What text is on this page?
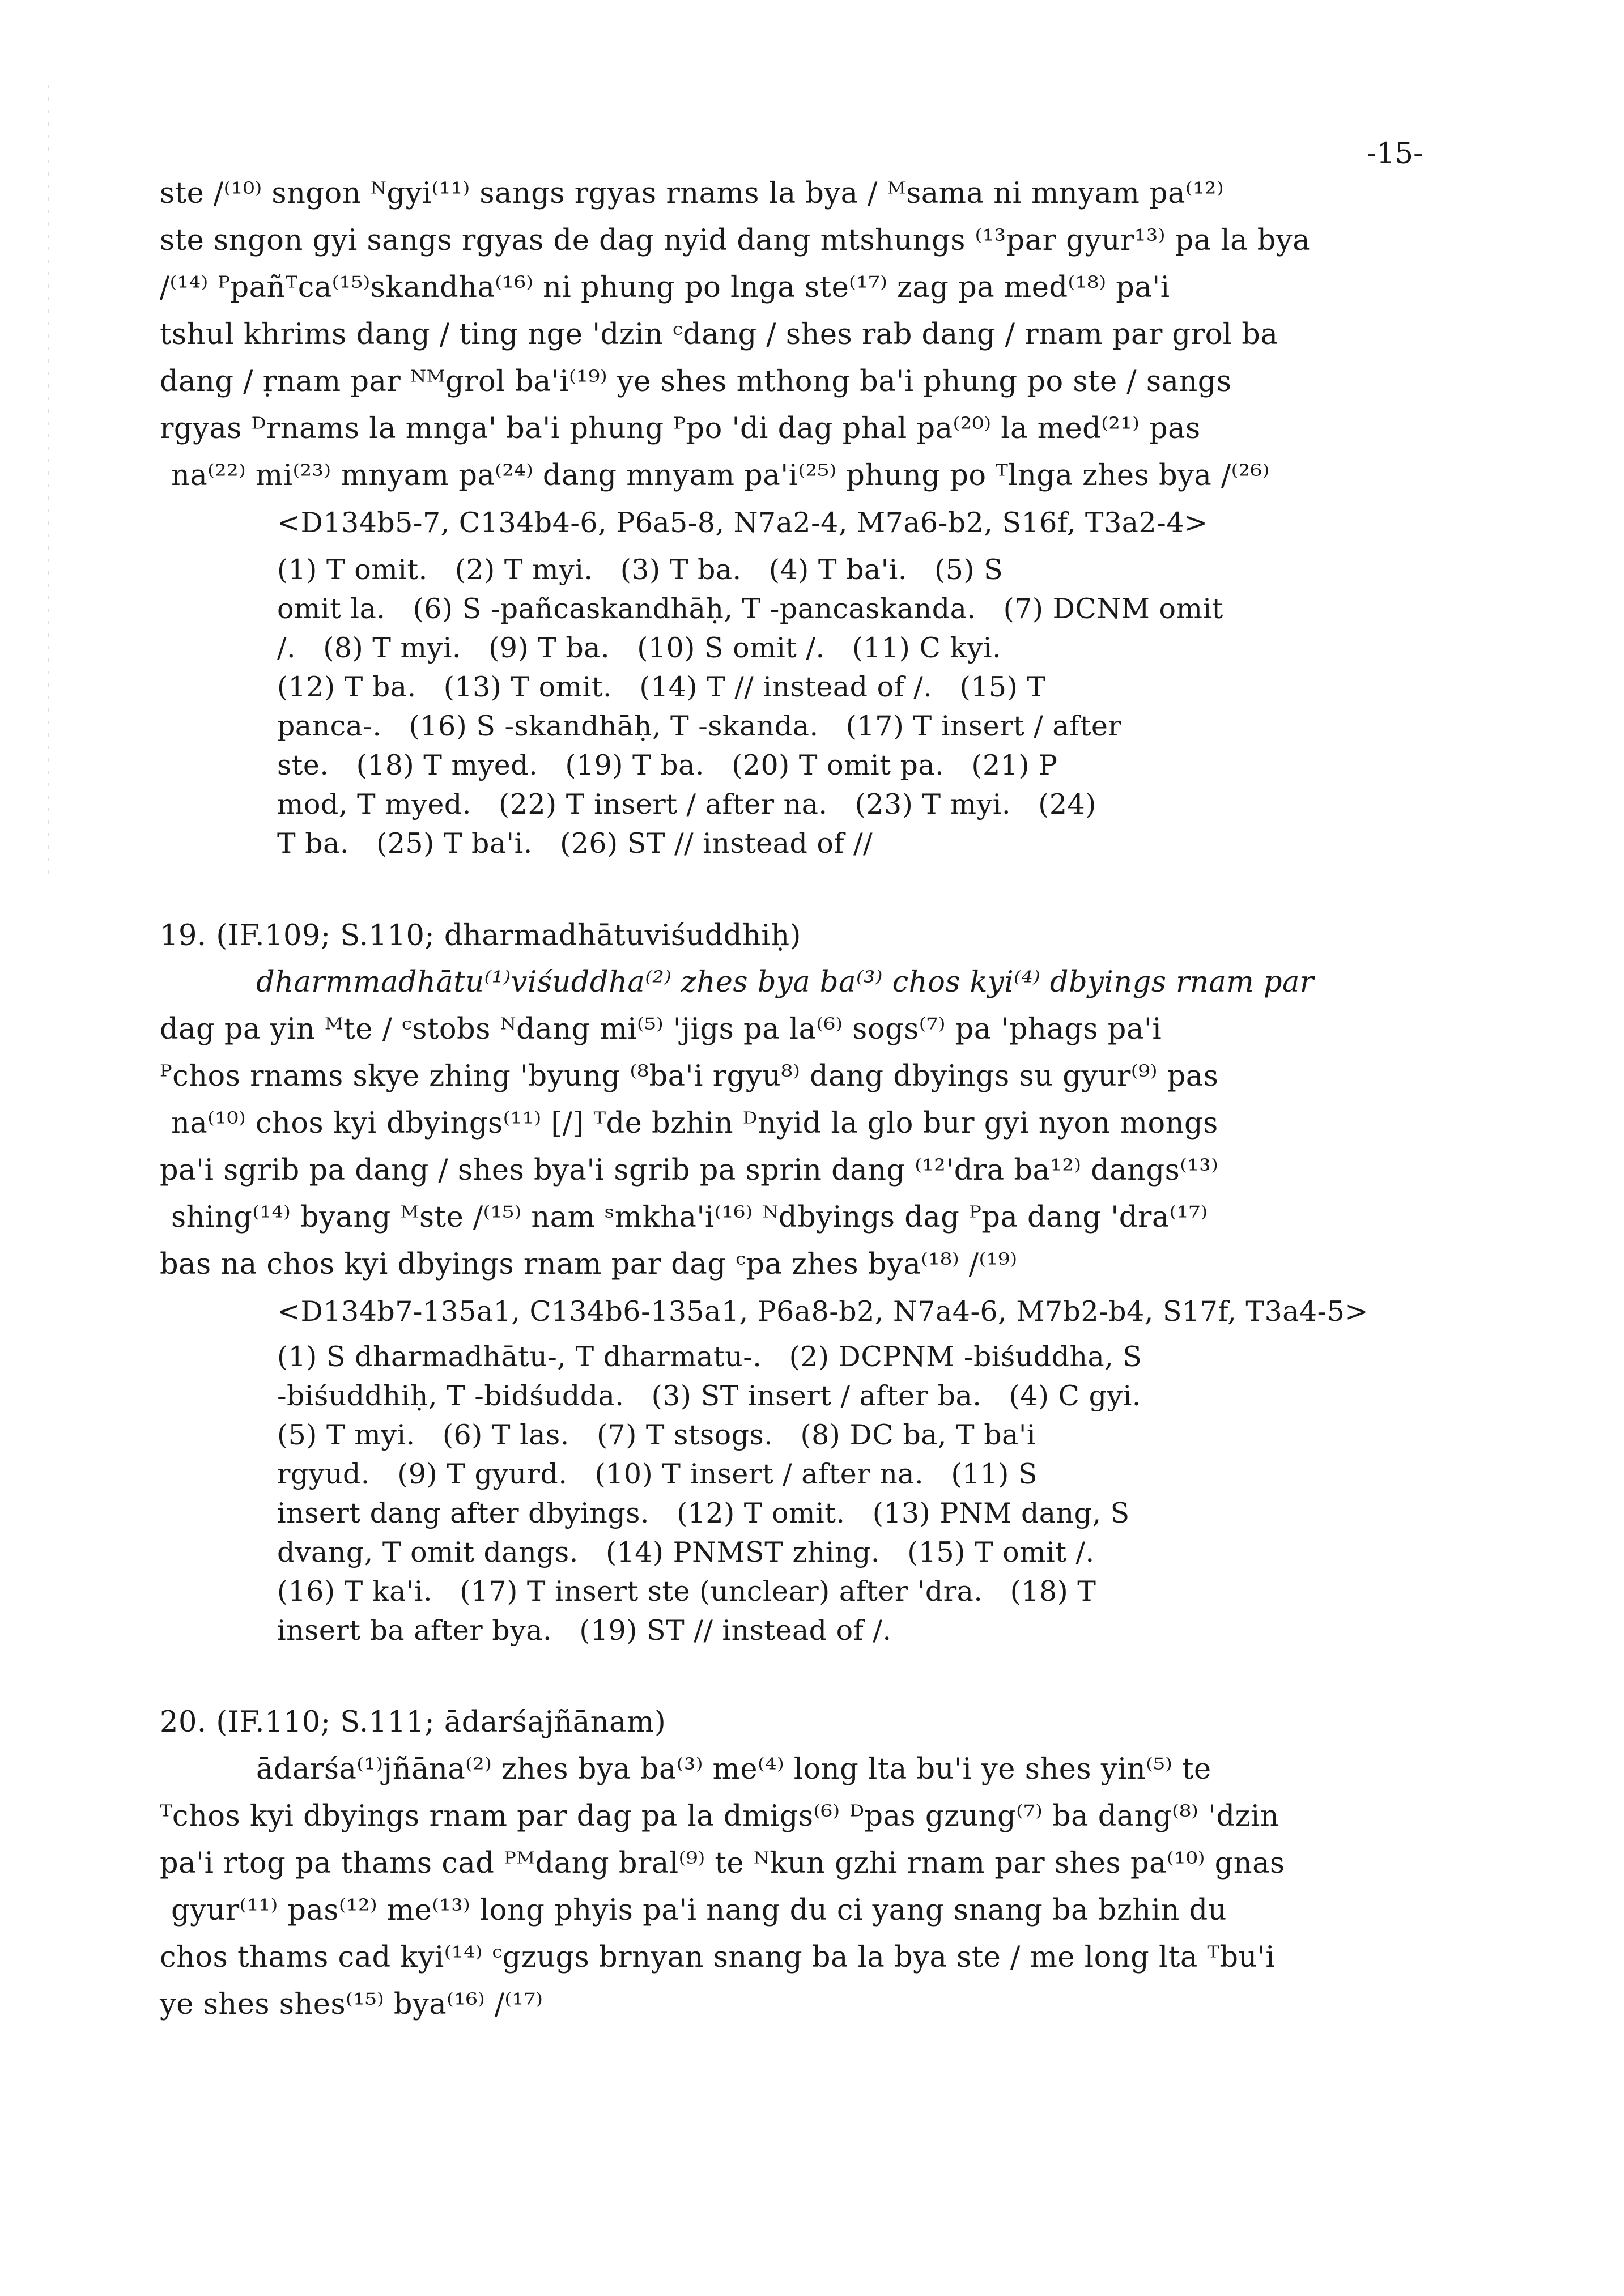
-15-
ste /⁽¹⁰⁾ sngon ᴺgyi⁽¹¹⁾ sangs rgyas rnams la bya / ᴹsama ni mnyam pa⁽¹²⁾
ste sngon gyi sangs rgyas de dag nyid dang mtshungs ⁽¹³par gyur¹³⁾ pa la bya
/⁽¹⁴⁾ ᴾpañᵀca⁽¹⁵⁾skandha⁽¹⁶⁾ ni phung po lnga ste⁽¹⁷⁾ zag pa med⁽¹⁸⁾ pa'i
tshul khrims dang / ting nge 'dzin ᶜdang / shes rab dang / rnam par grol ba
dang / ṛnam par ᴺᴹgrol ba'i⁽¹⁹⁾ ye shes mthong ba'i phung po ste / sangs
rgyas ᴰrnams la mnga' ba'i phung ᴾpo 'di dag phal pa⁽²⁰⁾ la med⁽²¹⁾ pas
na⁽²²⁾ mi⁽²³⁾ mnyam pa⁽²⁴⁾ dang mnyam pa'i⁽²⁵⁾ phung po ᵀlnga zhes bya /⁽²⁶⁾
<D134b5-7, C134b4-6, P6a5-8, N7a2-4, M7a6-b2, S16f, T3a2-4>
(1) T omit.   (2) T myi.   (3) T ba.   (4) T ba'i.   (5) S
omit la.   (6) S -pañcaskandhāḥ, T -pancaskanda.   (7) DCNM omit
/.   (8) T myi.   (9) T ba.   (10) S omit /.   (11) C kyi.
(12) T ba.   (13) T omit.   (14) T // instead of /.   (15) T
panca-.   (16) S -skandhāḥ, T -skanda.   (17) T insert / after
ste.   (18) T myed.   (19) T ba.   (20) T omit pa.   (21) P
mod, T myed.   (22) T insert / after na.   (23) T myi.   (24)
T ba.   (25) T ba'i.   (26) ST // instead of //
19. (IF.109; S.110; dharmadhātuviśuddhiḥ)
dharmmadhātu⁽¹⁾viśuddha⁽²⁾ zhes bya ba⁽³⁾ chos kyi⁽⁴⁾ dbyings rnam par
dag pa yin ᴹte / ᶜstobs ᴺdang mi⁽⁵⁾ 'jigs pa la⁽⁶⁾ sogs⁽⁷⁾ pa 'phags pa'i
ᴾchos rnams skye zhing 'byung ⁽⁸ba'i rgyu⁸⁾ dang dbyings su gyur⁽⁹⁾ pas
na⁽¹⁰⁾ chos kyi dbyings⁽¹¹⁾ [/] ᵀde bzhin ᴰnyid la glo bur gyi nyon mongs
pa'i sgrib pa dang / shes bya'i sgrib pa sprin dang ⁽¹²'dra ba¹²⁾ dangs⁽¹³⁾
shing⁽¹⁴⁾ byang ᴹste /⁽¹⁵⁾ nam ˢmkha'i⁽¹⁶⁾ ᴺdbyings dag ᴾpa dang 'dra⁽¹⁷⁾
bas na chos kyi dbyings rnam par dag ᶜpa zhes bya⁽¹⁸⁾ /⁽¹⁹⁾
<D134b7-135a1, C134b6-135a1, P6a8-b2, N7a4-6, M7b2-b4, S17f, T3a4-5>
(1) S dharmadhātu-, T dharmatu-.   (2) DCPNM -biśuddha, S
-biśuddhiḥ, T -bidśudda.   (3) ST insert / after ba.   (4) C gyi.
(5) T myi.   (6) T las.   (7) T stsogs.   (8) DC ba, T ba'i
rgyud.   (9) T gyurd.   (10) T insert / after na.   (11) S
insert dang after dbyings.   (12) T omit.   (13) PNM dang, S
dvang, T omit dangs.   (14) PNMST zhing.   (15) T omit /.
(16) T ka'i.   (17) T insert ste (unclear) after 'dra.   (18) T
insert ba after bya.   (19) ST // instead of /.
20. (IF.110; S.111; ādarśajñānam)
ādarśa⁽¹⁾jñāna⁽²⁾ zhes bya ba⁽³⁾ me⁽⁴⁾ long lta bu'i ye shes yin⁽⁵⁾ te
ᵀchos kyi dbyings rnam par dag pa la dmigs⁽⁶⁾ ᴰpas gzung⁽⁷⁾ ba dang⁽⁸⁾ 'dzin
pa'i rtog pa thams cad ᴾᴹdang bral⁽⁹⁾ te ᴺkun gzhi rnam par shes pa⁽¹⁰⁾ gnas
gyur⁽¹¹⁾ pas⁽¹²⁾ me⁽¹³⁾ long phyis pa'i nang du ci yang snang ba bzhin du
chos thams cad kyi⁽¹⁴⁾ ᶜgzugs brnyan snang ba la bya ste / me long lta ᵀbu'i
ye shes shes⁽¹⁵⁾ bya⁽¹⁶⁾ /⁽¹⁷⁾
